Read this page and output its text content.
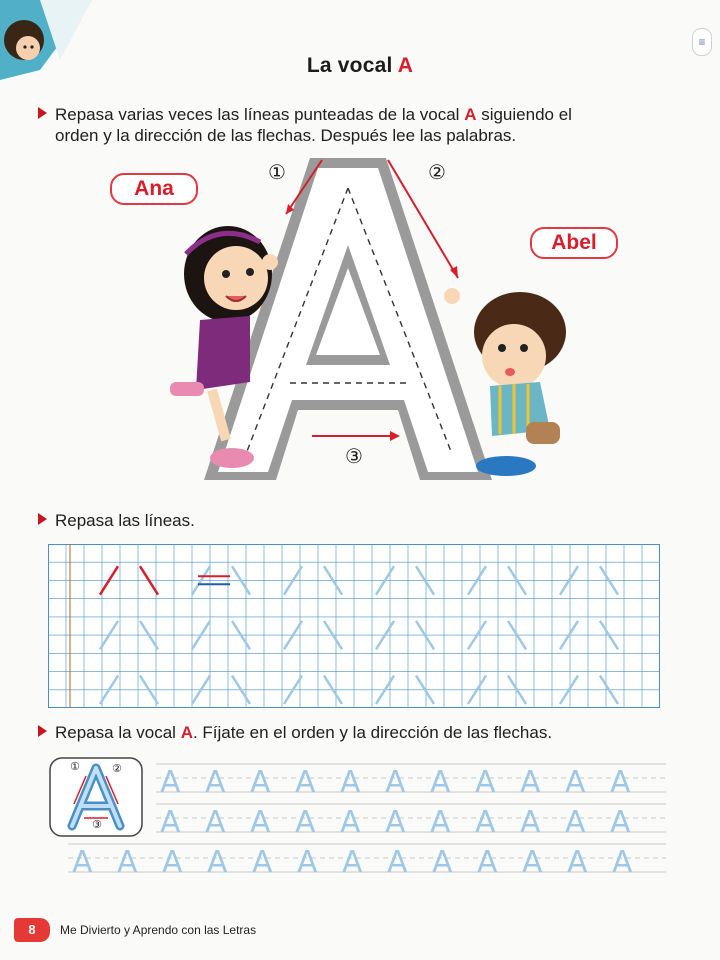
≡
La vocal A
Repasa varias veces las líneas punteadas de la vocal A siguiendo el
orden y la dirección de las flechas. Después lee las palabras.
①	②
③
Ana
Abel
Repasa las líneas.
Repasa la vocal A. Fíjate en el orden y la dirección de las flechas.
①	②
③
A A A A A A A A A A A
A A A A A A A A A A A
A A A A A A A A A A A A A
8	Me Divierto y Aprendo con las Letras
